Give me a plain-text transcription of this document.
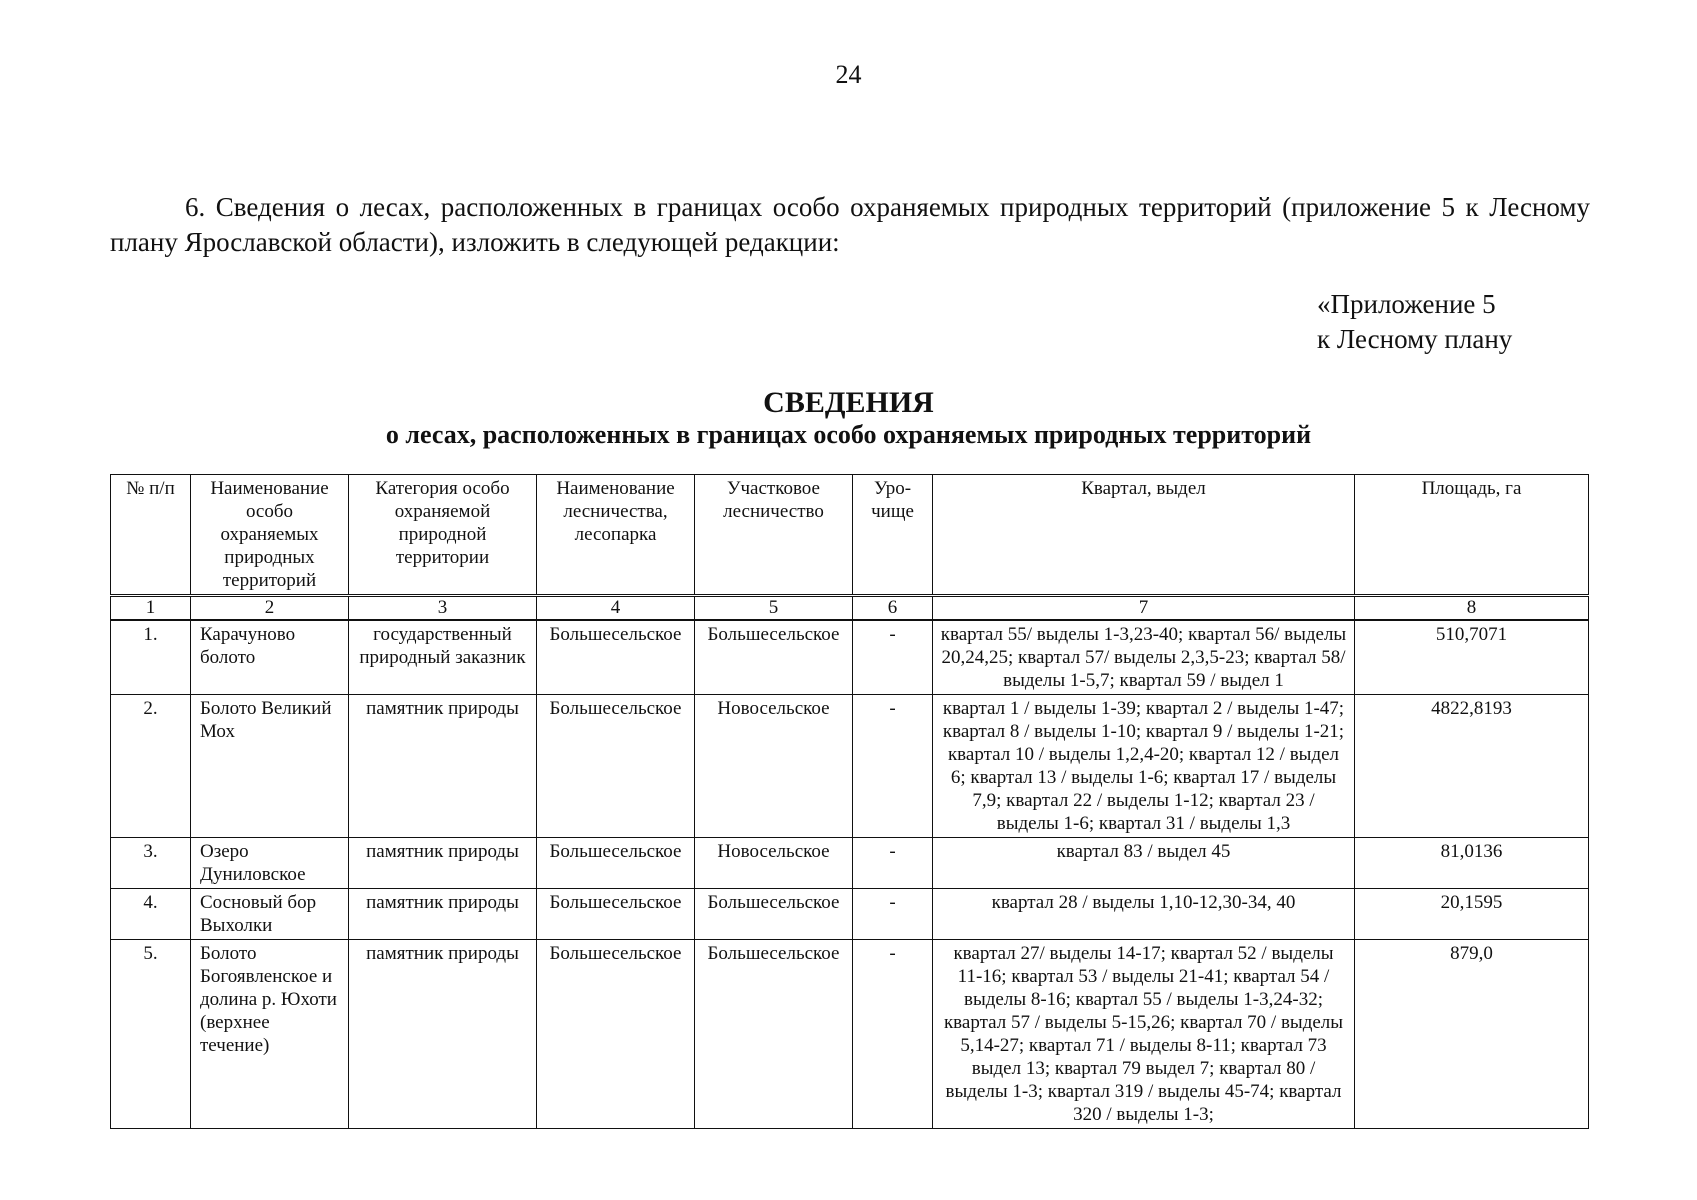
24
6. Сведения о лесах, расположенных в границах особо охраняемых природных территорий (приложение 5 к Лесному плану Ярославской области), изложить в следующей редакции:
«Приложение 5
к Лесному плану
СВЕДЕНИЯ
о лесах, расположенных в границах особо охраняемых природных территорий
№ п/п	Наименование особо охраняемых природных территорий	Категория особо охраняемой природной территории	Наименование лесничества, лесопарка	Участковое лесничество	Уро-чище	Квартал, выдел	Площадь, га
1	2	3	4	5	6	7	8
1.	Карачуново болото	государственный природный заказник	Большесельское	Большесельское	-	квартал 55/ выделы 1-3,23-40; квартал 56/ выделы 20,24,25; квартал 57/ выделы 2,3,5-23; квартал 58/ выделы 1-5,7; квартал 59 / выдел 1	510,7071
2.	Болото Великий Мох	памятник природы	Большесельское	Новосельское	-	квартал 1 / выделы 1-39; квартал 2 / выделы 1-47; квартал 8 / выделы 1-10; квартал 9 / выделы 1-21; квартал 10 / выделы 1,2,4-20; квартал 12 / выдел 6; квартал 13 / выделы 1-6; квартал 17 / выделы 7,9; квартал 22 / выделы 1-12; квартал 23 / выделы 1-6; квартал 31 / выделы 1,3	4822,8193
3.	Озеро Дуниловское	памятник природы	Большесельское	Новосельское	-	квартал 83 / выдел 45	81,0136
4.	Сосновый бор Выхолки	памятник природы	Большесельское	Большесельское	-	квартал 28 / выделы 1,10-12,30-34, 40	20,1595
5.	Болото Богоявленское и долина р. Юхоти (верхнее течение)	памятник природы	Большесельское	Большесельское	-	квартал 27/ выделы 14-17; квартал 52 / выделы 11-16; квартал 53 / выделы 21-41; квартал 54 / выделы 8-16; квартал 55 / выделы 1-3,24-32; квартал 57 / выделы 5-15,26; квартал 70 / выделы 5,14-27; квартал 71 / выделы 8-11; квартал 73 выдел 13; квартал 79 выдел 7; квартал 80 / выделы 1-3; квартал 319 / выделы 45-74; квартал 320 / выделы 1-3;	879,0
